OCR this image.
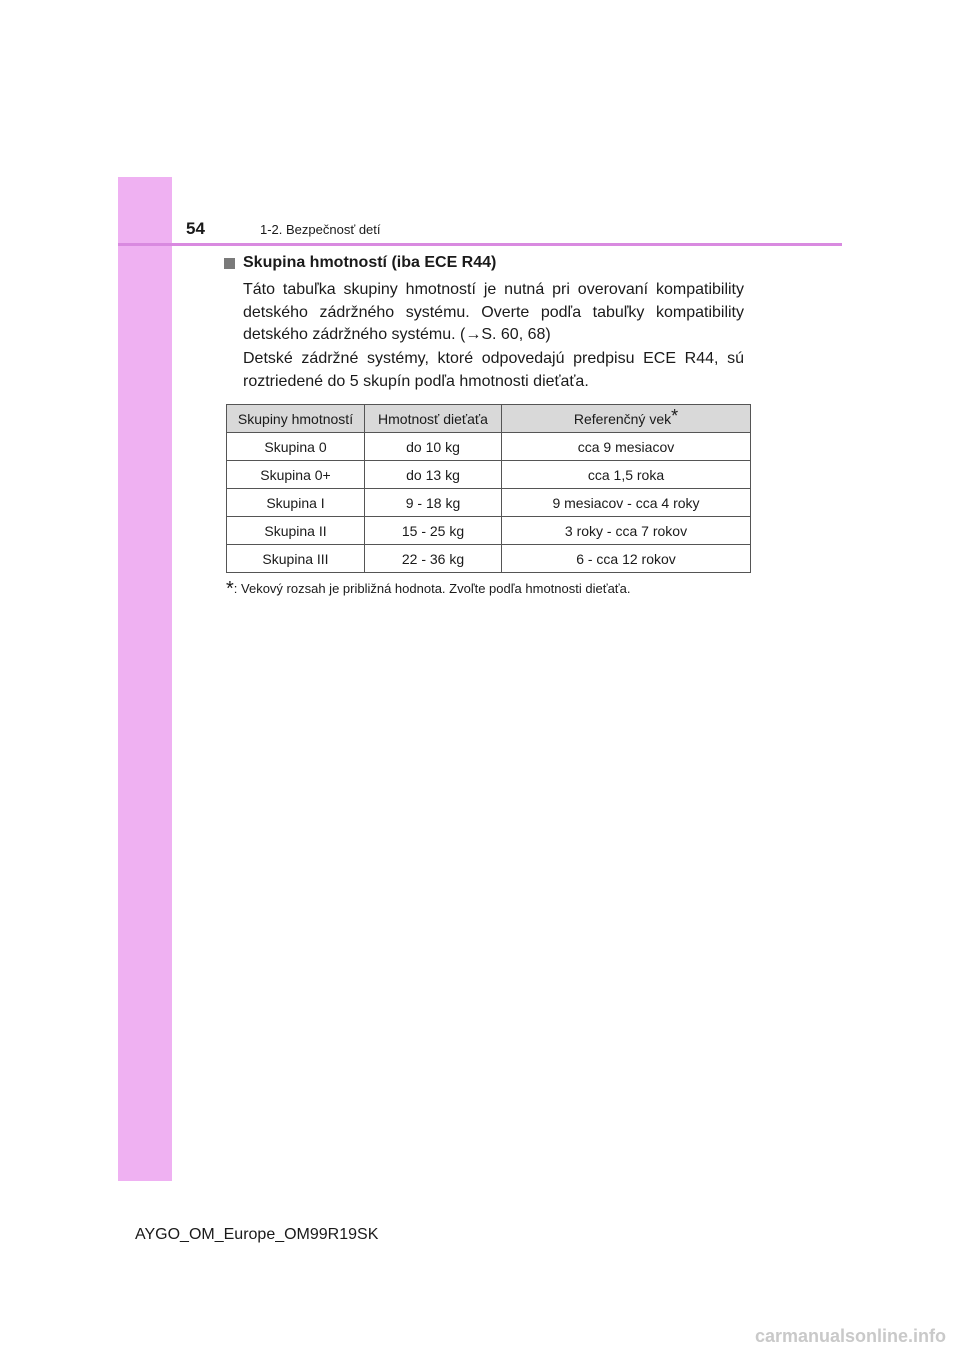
54	1-2. Bezpečnosť detí
Skupina hmotností (iba ECE R44)
Táto tabuľka skupiny hmotností je nutná pri overovaní kompatibility detského zádržného systému. Overte podľa tabuľky kompatibility detského zádržného systému. (→S. 60, 68)
Detské zádržné systémy, ktoré odpovedajú predpisu ECE R44, sú roztriedené do 5 skupín podľa hmotnosti dieťaťa.
Skupiny hmotností	Hmotnosť dieťaťa	Referenčný vek*
Skupina 0	do 10 kg	cca 9 mesiacov
Skupina 0+	do 13 kg	cca 1,5 roka
Skupina I	9 - 18 kg	9 mesiacov - cca 4 roky
Skupina II	15 - 25 kg	3 roky - cca 7 rokov
Skupina III	22 - 36 kg	6 - cca 12 rokov
*: Vekový rozsah je približná hodnota. Zvoľte podľa hmotnosti dieťaťa.
AYGO_OM_Europe_OM99R19SK
carmanualsonline.info
